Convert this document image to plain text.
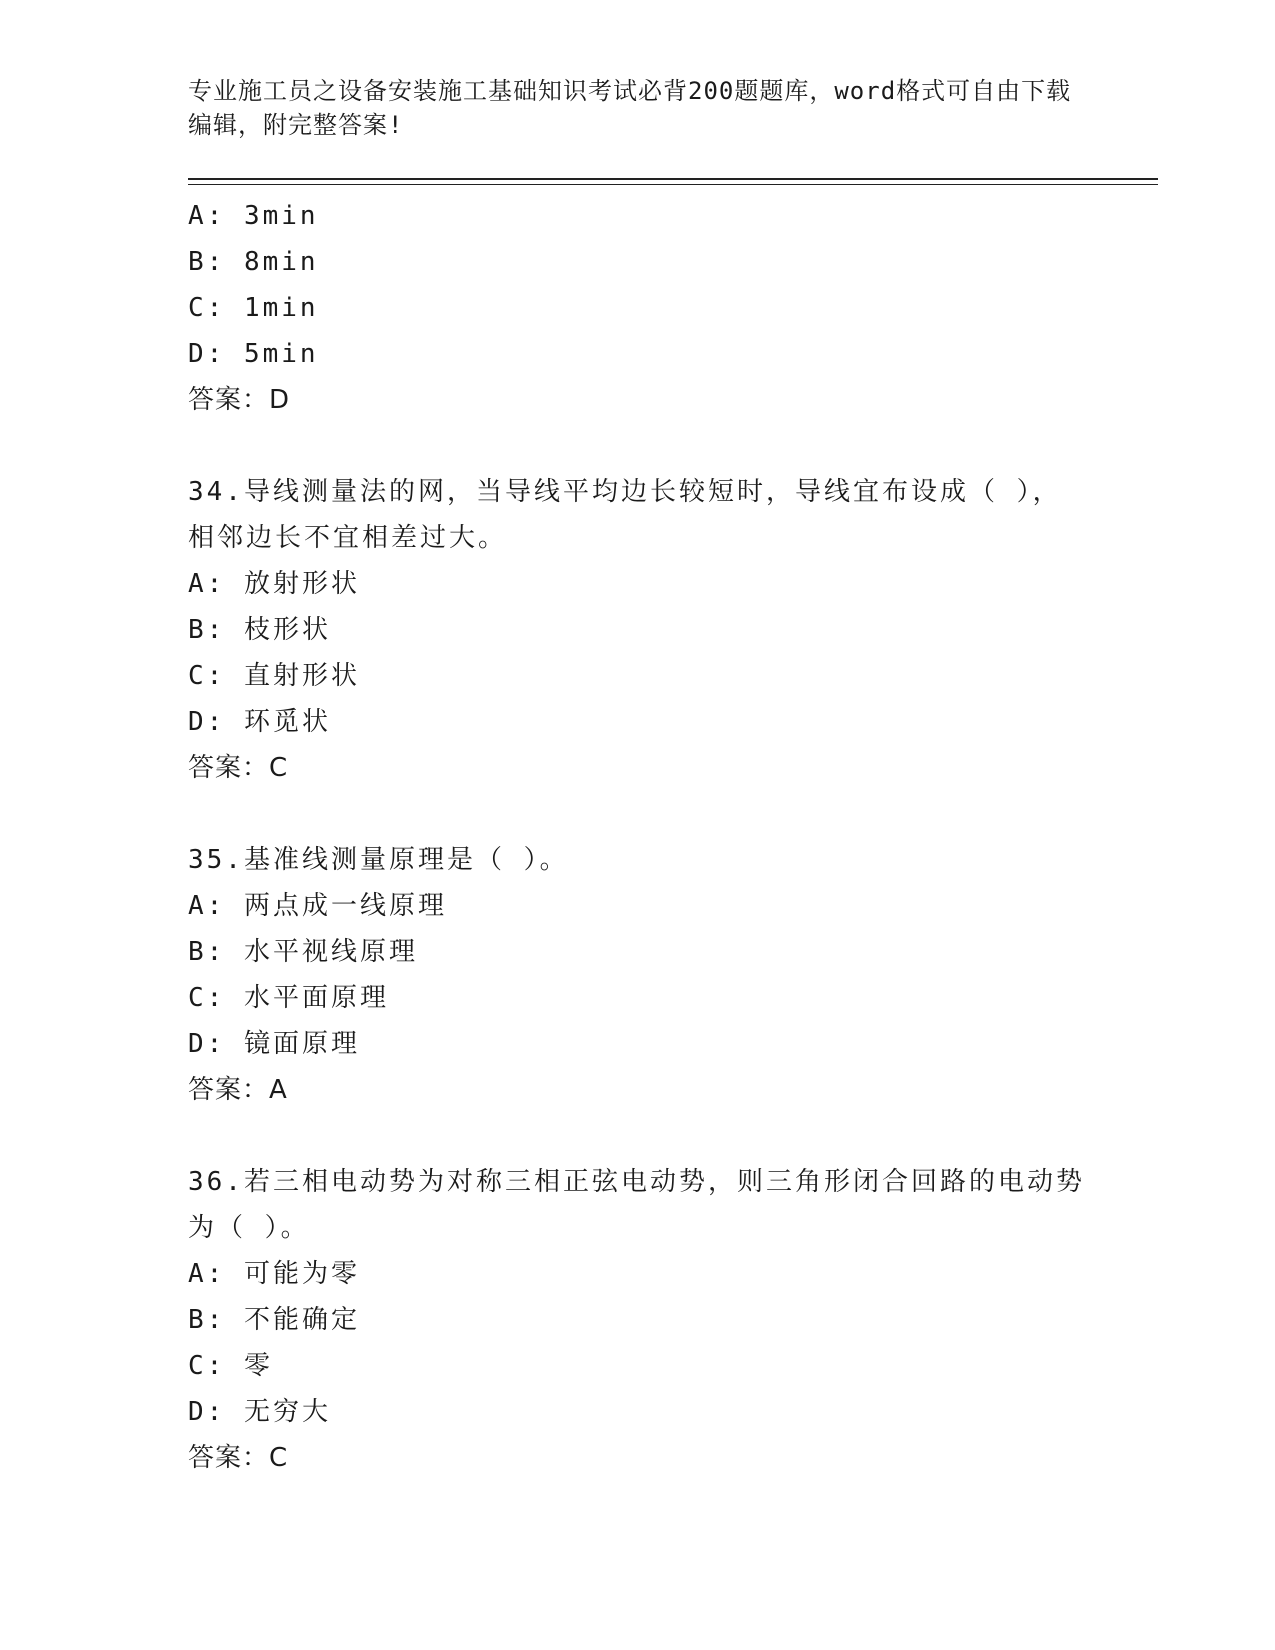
专业施工员之设备安装施工基础知识考试必背200题题库，word格式可自由下载编辑，附完整答案!
A: 3min
B: 8min
C: 1min
D: 5min
答案：D
34.导线测量法的网，当导线平均边长较短时，导线宜布设成（ ），相邻边长不宜相差过大。
A: 放射形状
B: 枝形状
C: 直射形状
D: 环觅状
答案：C
35.基准线测量原理是（ ）。
A: 两点成一线原理
B: 水平视线原理
C: 水平面原理
D: 镜面原理
答案：A
36.若三相电动势为对称三相正弦电动势，则三角形闭合回路的电动势为（ ）。
A: 可能为零
B: 不能确定
C: 零
D: 无穷大
答案：C
